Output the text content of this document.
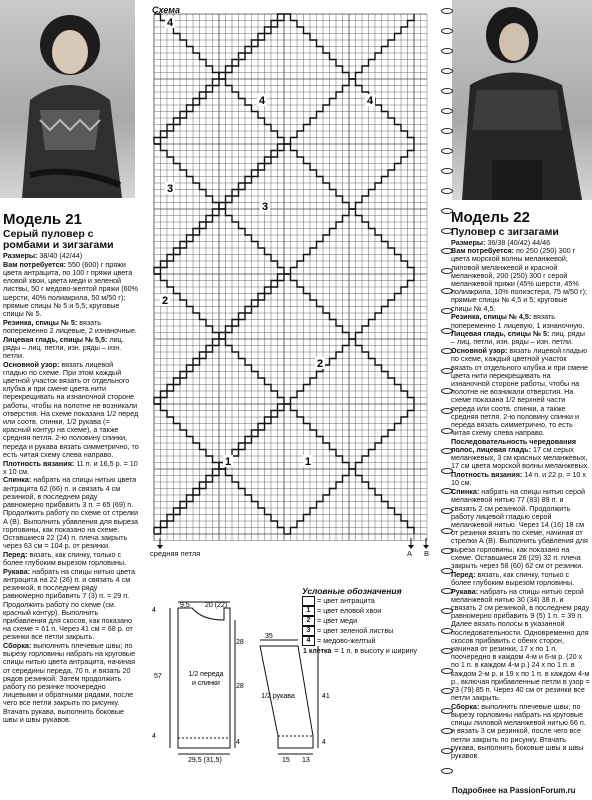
Модель 21

Серый пуловер с ромбами и зигзагами

Размеры: 38/40 (42/44)

Вам потребуется: 550 (600) г пряжи цвета антрацита, по 100 г пряжи цвета еловой хвои, цвета меди и зеленой листвы, 50 г медово-желтой пряжи (60% шерсти, 40% полиакрила, 50 м/50 г); прямые спицы № 5 и 5,5; круговые спицы № 5.

Резинка, спицы № 5: вязать попеременно 2 лицевые, 2 изнаночные.

Лицевая гладь, спицы № 5,5: лиц. ряды – лиц. петли, изн. ряды – изн. петли.

Основной узор: вязать лицевой гладью по схеме. При этом каждый цветной участок вязать от отдельного клубка и при смене цвета нити перекрещивать на изнаночной стороне работы, чтобы на полотне не возникали отверстия. На схеме показана 1/2 перед или соотв. спинки, 1/2 рукава (= красный контур на схеме), а также средняя петля. 2-ю половину спинки, переда и рукава вязать симметрично, то есть читая схему слева направо.

Плотность вязания: 11 п. и 16,5 р. = 10 х 10 см.

Спинка: набрать на спицы нитью цвета антрацита 62 (66) п. и связать 4 см резинкой, в последнем ряду равномерно прибавить 3 п. = 65 (69) п. Продолжить работу по схеме от стрелки А (В). Выполнить убавления для выреза горловины, как показано на схеме. Оставшиеся 22 (24) п. плеча закрыть через 63 см = 104 р. от резинки.

Перед: вязать, как спинку, только с более глубоким вырезом горловины.

Рукава: набрать на спицы нитью цвета антрацита на 22 (26) п. и связать 4 см резинкой, в последнем ряду равномерно прибавить 7 (3) п. = 29 п. Продолжить работу по схеме (см. красный контур). Выполнить прибавления для скосов, как показано на схеме = 61 п. Через 41 см = 68 р. от резинки все петли закрыть.

Сборка: выполнить плечевые швы; по вырезу горловины набрать на круговые спицы нитью цвета антрацита, начиная от середины переда, 70 п. и вязать 20 рядов резинкой. Затем продолжить работу по резинке поочередно лицевыми и обратными рядами, после чего все петли закрыть по рисунку. Втачать рукава, выполнить боковые швы и швы рукавов.

Модель 22

Пуловер с зигзагами

Размеры: 36/38 (40/42) 44/46

Вам потребуется: по 250 (250) 300 г цвета морской волны меланжевой, лиловой меланжевой и красной меланжевой, 200 (250) 300 г серой меланжевой пряжи (45% шерсти, 45% полиакрила, 10% полиэстера, 75 м/50 г); прямые спицы № 4,5 и 5; круговые спицы № 4,5.

Резинка, спицы № 4,5: вязать попеременно 1 лицевую, 1 изнаночную.

Лицевая гладь, спицы № 5: лиц. ряды – лиц. петли, изн. ряды – изн. петли.

Основной узор: вязать лицевой гладью по схеме, каждый цветной участок вязать от отдельного клубка и при смене цвета нити перекрещивать на изнаночной стороне работы, чтобы на полотне не возникали отверстия. На схеме показана 1/2 верхней части переда или соотв. спинки, а также средняя петля. 2-ю половину спинки и переда вязать симметрично, то есть читая схему слева направо.

Последовательность чередования полос, лицевая гладь: 17 см серых меланжевых, 3 см красных меланжевых, 17 см цвета морской волны меланжевых.

Плотность вязания: 14 п. и 22 р. = 10 х 10 см.

Спинка: набрать на спицы нитью серой меланжевой нитью 77 (83) 89 п. и связать 2 см резинкой. Продолжить работу лицевой гладью серой меланжевой нитью. Через 14 (16) 18 см от резинки вязать по схеме, начиная от стрелки А (В). Выполнить убавления для выреза горловины, как показано на схеме. Оставшиеся 26 (29) 32 п. плеча закрыть через 58 (60) 62 см от резинки.

Перед: вязать, как спинку, только с более глубоким вырезом горловины.

Рукава: набрать на спицы нитью серой меланжевой нитью 30 (34) 38 п. и связать 2 см резинкой, в последнем ряду равномерно прибавить 9 (5) 1 п. = 39 п. Далее вязать полосы в указанной последовательности. Одновременно для скосов прибавить с обеих сторон, начиная от резинки, 17 х по 1 п. поочередно в каждом 4-м и 6-м р. (20 х по 1 п. в каждом 4-м р.) 24 х по 1 п. в каждом 2-м р. и 19 х по 1 п. в каждом 4-м р., включая прибавленные петли в узор = 73 (79) 85 п. Через 40 см от резинки все петли закрыть.

Сборка: выполнить плечевые швы; по вырезу горловины набрать на круговые спицы лиловой меланжевой нитью 66 п. и вязать 3 см резинкой, после чего все петли закрыть по рисунку. Втачать рукава, выполнить боковые швы и швы рукавов.

Схема
4
4	4
3
3
2
2
1	1
средняя петля	А В
1/2 переда и спинки
1/2 рукава
9,5 20 (22)
4
57
28
35
28
41
4
4
29,5 (31,5)	15 13
4
Условные обозначения
= цвет антрацита
1 = цвет еловой хвои
2 = цвет меди
3 = цвет зеленой листвы
4 = медово-желтый
1 клетка = 1 п. в высоту и ширину
Подробнее на PassionForum.ru
